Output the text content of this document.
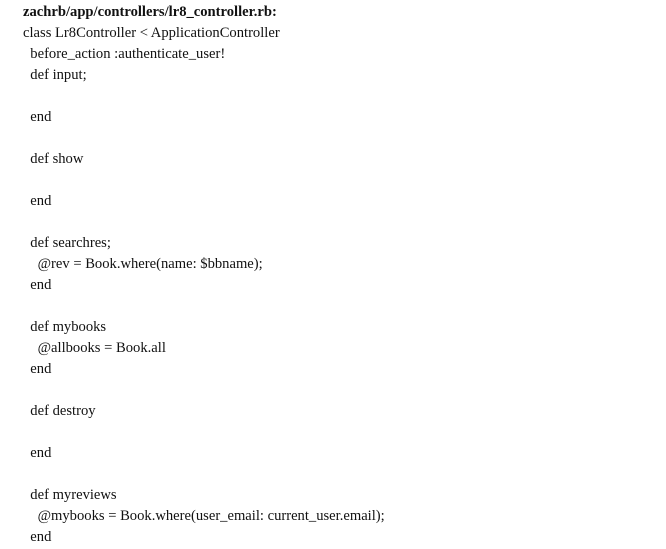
zachrb/app/controllers/lr8_controller.rb:
class Lr8Controller < ApplicationController
before_action :authenticate_user!
def input;
end
def show
end
def searchres;
@rev = Book.where(name: $bbname);
end
def mybooks
@allbooks = Book.all
end
def destroy
end
def myreviews
@mybooks = Book.where(user_email: current_user.email);
end
